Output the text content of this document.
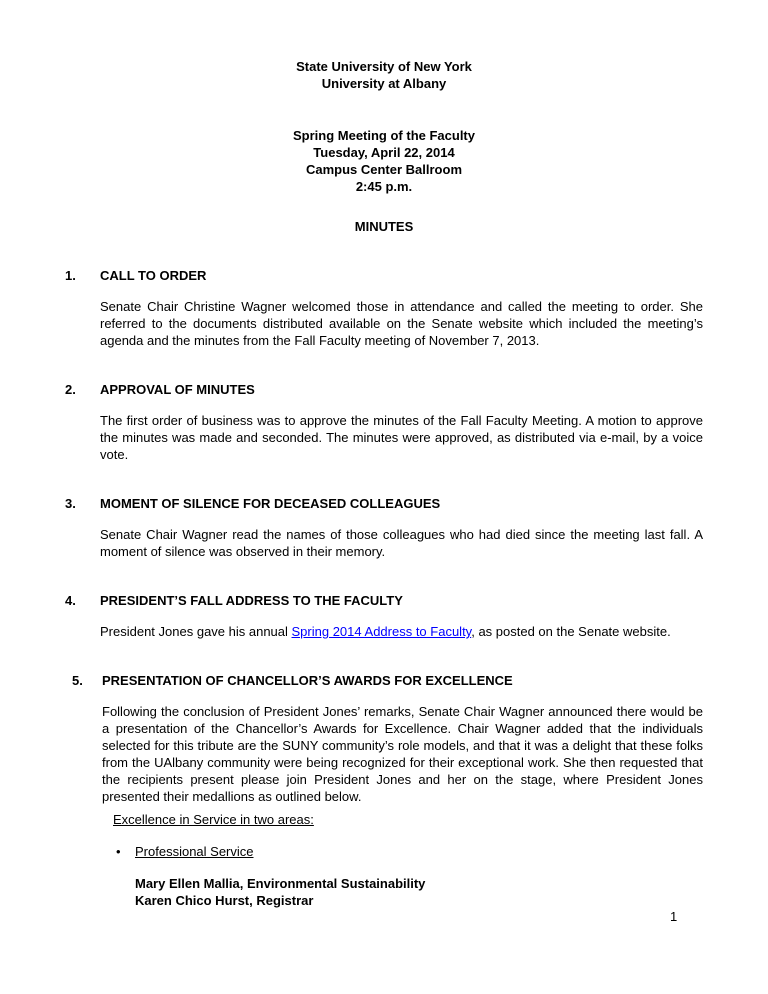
State University of New York
University at Albany
Spring Meeting of the Faculty
Tuesday, April 22, 2014
Campus Center Ballroom
2:45 p.m.
MINUTES
1.	CALL TO ORDER

Senate Chair Christine Wagner welcomed those in attendance and called the meeting to order. She referred to the documents distributed available on the Senate website which included the meeting’s agenda and the minutes from the Fall Faculty meeting of November 7, 2013.

2.	APPROVAL OF MINUTES

The first order of business was to approve the minutes of the Fall Faculty Meeting. A motion to approve the minutes was made and seconded. The minutes were approved, as distributed via e-mail, by a voice vote.

3.	MOMENT OF SILENCE FOR DECEASED COLLEAGUES

Senate Chair Wagner read the names of those colleagues who had died since the meeting last fall. A moment of silence was observed in their memory.

4.	PRESIDENT’S FALL ADDRESS TO THE FACULTY

President Jones gave his annual Spring 2014 Address to Faculty, as posted on the Senate website.

5.	PRESENTATION OF CHANCELLOR’S AWARDS FOR EXCELLENCE

Following the conclusion of President Jones’ remarks, Senate Chair Wagner announced there would be a presentation of the Chancellor’s Awards for Excellence. Chair Wagner added that the individuals selected for this tribute are the SUNY community’s role models, and that it was a delight that these folks from the UAlbany community were being recognized for their exceptional work. She then requested that the recipients present please join President Jones and her on the stage, where President Jones presented their medallions as outlined below.

Excellence in Service in two areas:
•	Professional Service
Mary Ellen Mallia, Environmental Sustainability
Karen Chico Hurst, Registrar
1
